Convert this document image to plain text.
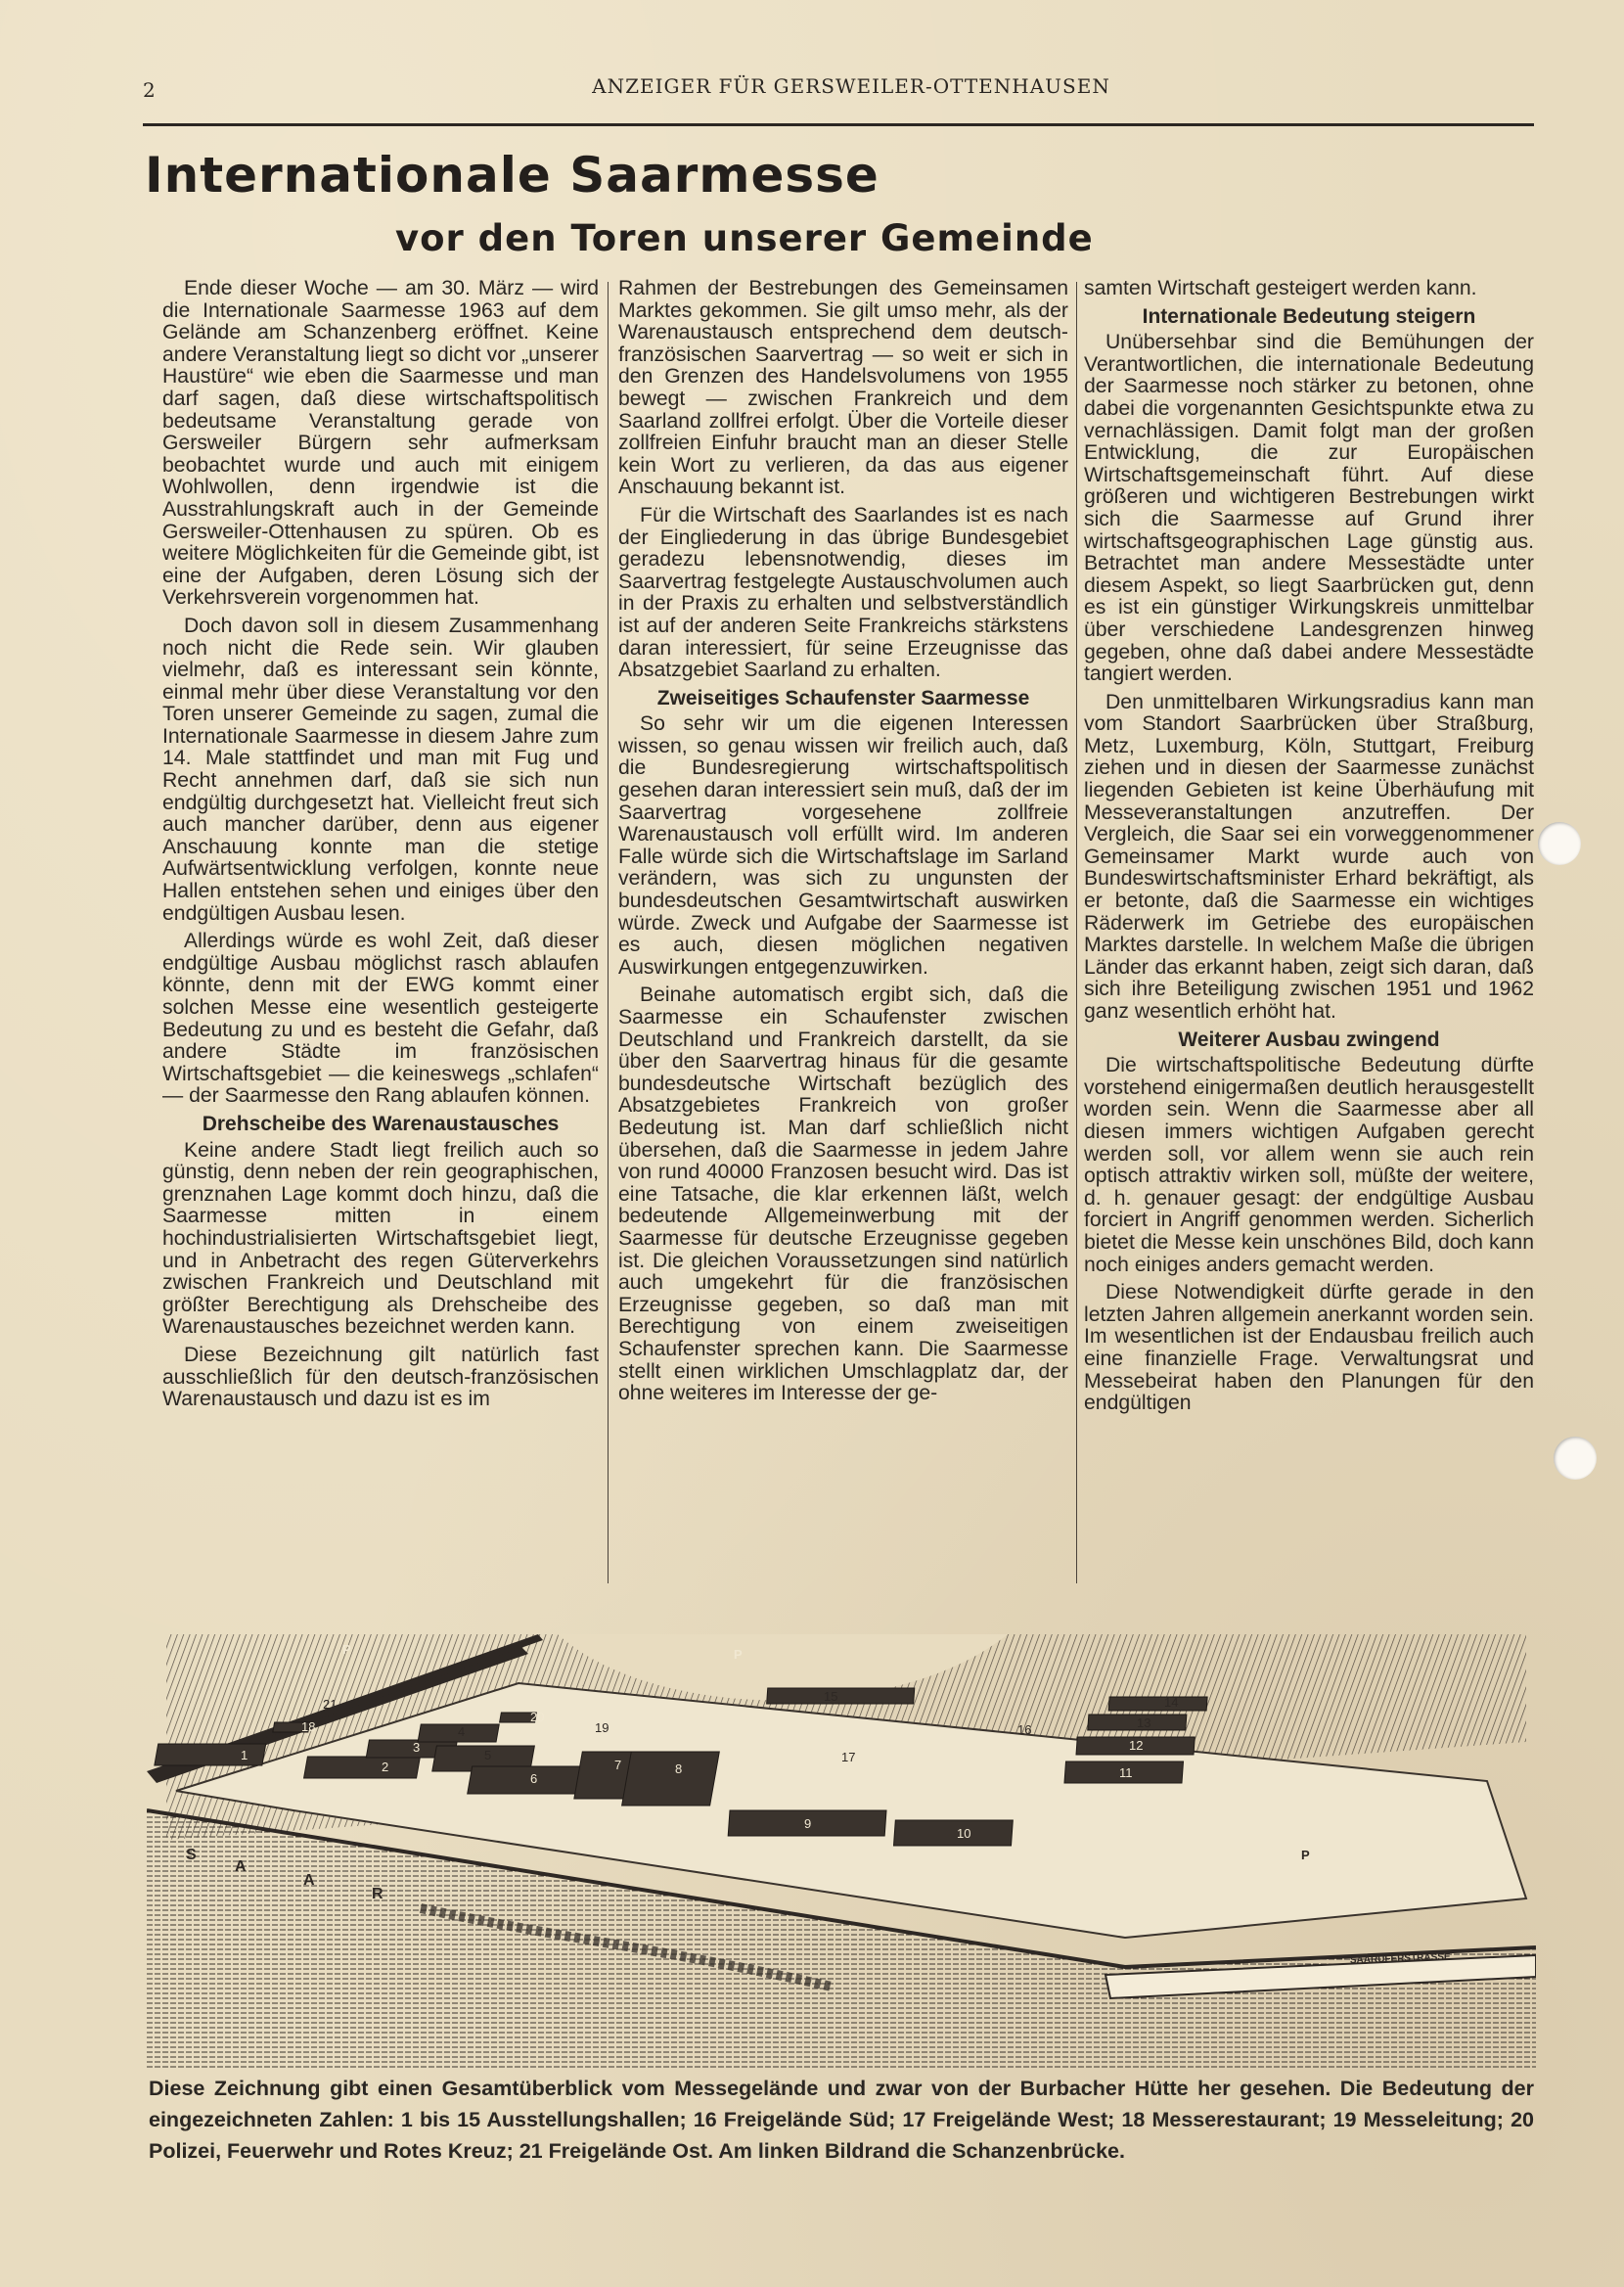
2	ANZEIGER FÜR GERSWEILER-OTTENHAUSEN
Internationale Saarmesse
vor den Toren unserer Gemeinde

Ende dieser Woche — am 30. März — wird die Internationale Saarmesse 1963 auf dem Gelände am Schanzenberg eröffnet. Keine andere Veranstaltung liegt so dicht vor „unserer Haustüre“ wie eben die Saarmesse und man darf sagen, daß diese wirtschaftspolitisch bedeutsame Veranstaltung gerade von Gersweiler Bürgern sehr aufmerksam beobachtet wurde und auch mit einigem Wohlwollen, denn irgendwie ist die Ausstrahlungskraft auch in der Gemeinde Gersweiler-Ottenhausen zu spüren. Ob es weitere Möglichkeiten für die Gemeinde gibt, ist eine der Aufgaben, deren Lösung sich der Verkehrsverein vorgenommen hat.

Doch davon soll in diesem Zusammenhang noch nicht die Rede sein. Wir glauben vielmehr, daß es interessant sein könnte, einmal mehr über diese Veranstaltung vor den Toren unserer Gemeinde zu sagen, zumal die Internationale Saarmesse in diesem Jahre zum 14. Male stattfindet und man mit Fug und Recht annehmen darf, daß sie sich nun endgültig durchgesetzt hat. Vielleicht freut sich auch mancher darüber, denn aus eigener Anschauung konnte man die stetige Aufwärtsentwicklung verfolgen, konnte neue Hallen entstehen sehen und einiges über den endgültigen Ausbau lesen.

Allerdings würde es wohl Zeit, daß dieser endgültige Ausbau möglichst rasch ablaufen könnte, denn mit der EWG kommt einer solchen Messe eine wesentlich gesteigerte Bedeutung zu und es besteht die Gefahr, daß andere Städte im französischen Wirtschaftsgebiet — die keineswegs „schlafen“ — der Saarmesse den Rang ablaufen können.

Drehscheibe des Warenaustausches

Keine andere Stadt liegt freilich auch so günstig, denn neben der rein geographischen, grenznahen Lage kommt doch hinzu, daß die Saarmesse mitten in einem hochindustrialisierten Wirtschaftsgebiet liegt, und in Anbetracht des regen Güterverkehrs zwischen Frankreich und Deutschland mit größter Berechtigung als Drehscheibe des Warenaustausches bezeichnet werden kann.

Diese Bezeichnung gilt natürlich fast ausschließlich für den deutsch-französischen Warenaustausch und dazu ist es im

Rahmen der Bestrebungen des Gemeinsamen Marktes gekommen. Sie gilt umso mehr, als der Warenaustausch entsprechend dem deutsch-französischen Saarvertrag — so weit er sich in den Grenzen des Handelsvolumens von 1955 bewegt — zwischen Frankreich und dem Saarland zollfrei erfolgt. Über die Vorteile dieser zollfreien Einfuhr braucht man an dieser Stelle kein Wort zu verlieren, da das aus eigener Anschauung bekannt ist.

Für die Wirtschaft des Saarlandes ist es nach der Eingliederung in das übrige Bundesgebiet geradezu lebensnotwendig, dieses im Saarvertrag festgelegte Austauschvolumen auch in der Praxis zu erhalten und selbstverständlich ist auf der anderen Seite Frankreichs stärkstens daran interessiert, für seine Erzeugnisse das Absatzgebiet Saarland zu erhalten.

Zweiseitiges Schaufenster Saarmesse

So sehr wir um die eigenen Interessen wissen, so genau wissen wir freilich auch, daß die Bundesregierung wirtschaftspolitisch gesehen daran interessiert sein muß, daß der im Saarvertrag vorgesehene zollfreie Warenaustausch voll erfüllt wird. Im anderen Falle würde sich die Wirtschaftslage im Sarland verändern, was sich zu ungunsten der bundesdeutschen Gesamtwirtschaft auswirken würde. Zweck und Aufgabe der Saarmesse ist es auch, diesen möglichen negativen Auswirkungen entgegenzuwirken.

Beinahe automatisch ergibt sich, daß die Saarmesse ein Schaufenster zwischen Deutschland und Frankreich darstellt, da sie über den Saarvertrag hinaus für die gesamte bundesdeutsche Wirtschaft bezüglich des Absatzgebietes Frankreich von großer Bedeutung ist. Man darf schließlich nicht übersehen, daß die Saarmesse in jedem Jahre von rund 40000 Franzosen besucht wird. Das ist eine Tatsache, die klar erkennen läßt, welch bedeutende Allgemeinwerbung mit der Saarmesse für deutsche Erzeugnisse gegeben ist. Die gleichen Voraussetzungen sind natürlich auch umgekehrt für die französischen Erzeugnisse gegeben, so daß man mit Berechtigung von einem zweiseitigen Schaufenster sprechen kann. Die Saarmesse stellt einen wirklichen Umschlagplatz dar, der ohne weiteres im Interesse der ge-

samten Wirtschaft gesteigert werden kann.

Internationale Bedeutung steigern

Unübersehbar sind die Bemühungen der Verantwortlichen, die internationale Bedeutung der Saarmesse noch stärker zu betonen, ohne dabei die vorgenannten Gesichtspunkte etwa zu vernachlässigen. Damit folgt man der großen Entwicklung, die zur Europäischen Wirtschaftsgemeinschaft führt. Auf diese größeren und wichtigeren Bestrebungen wirkt sich die Saarmesse auf Grund ihrer wirtschaftsgeographischen Lage günstig aus. Betrachtet man andere Messestädte unter diesem Aspekt, so liegt Saarbrücken gut, denn es ist ein günstiger Wirkungskreis unmittelbar über verschiedene Landesgrenzen hinweg gegeben, ohne daß dabei andere Messestädte tangiert werden.

Den unmittelbaren Wirkungsradius kann man vom Standort Saarbrücken über Straßburg, Metz, Luxemburg, Köln, Stuttgart, Freiburg ziehen und in diesen der Saarmesse zunächst liegenden Gebieten ist keine Überhäufung mit Messeveranstaltungen anzutreffen. Der Vergleich, die Saar sei ein vorweggenommener Gemeinsamer Markt wurde auch von Bundeswirtschaftsminister Erhard bekräftigt, als er betonte, daß die Saarmesse ein wichtiges Räderwerk im Getriebe des europäischen Marktes darstelle. In welchem Maße die übrigen Länder das erkannt haben, zeigt sich daran, daß sich ihre Beteiligung zwischen 1951 und 1962 ganz wesentlich erhöht hat.

Weiterer Ausbau zwingend

Die wirtschaftspolitische Bedeutung dürfte vorstehend einigermaßen deutlich herausgestellt worden sein. Wenn die Saarmesse aber all diesen immers wichtigen Aufgaben gerecht werden soll, vor allem wenn sie auch rein optisch attraktiv wirken soll, müßte der weitere, d. h. genauer gesagt: der endgültige Ausbau forciert in Angriff genommen werden. Sicherlich bietet die Messe kein unschönes Bild, doch kann noch einiges anders gemacht werden.

Diese Notwendigkeit dürfte gerade in den letzten Jahren allgemein anerkannt worden sein. Im wesentlichen ist der Endausbau freilich auch eine finanzielle Frage. Verwaltungsrat und Messebeirat haben den Planungen für den endgültigen

1
2
3
4
5
6
7	8
9
10
11
12
13
14
15
16
17
18	19
20
21
P	P
P
S
A
A
R
SAARUFERSTRASSE
Diese Zeichnung gibt einen Gesamtüberblick vom Messegelände und zwar von der Burbacher Hütte her gesehen. Die Bedeutung der eingezeichneten Zahlen: 1 bis 15 Ausstellungshallen; 16 Freigelände Süd; 17 Freigelände West; 18 Messerestaurant; 19 Messeleitung; 20 Polizei, Feuerwehr und Rotes Kreuz; 21 Freigelände Ost. Am linken Bildrand die Schanzenbrücke.
